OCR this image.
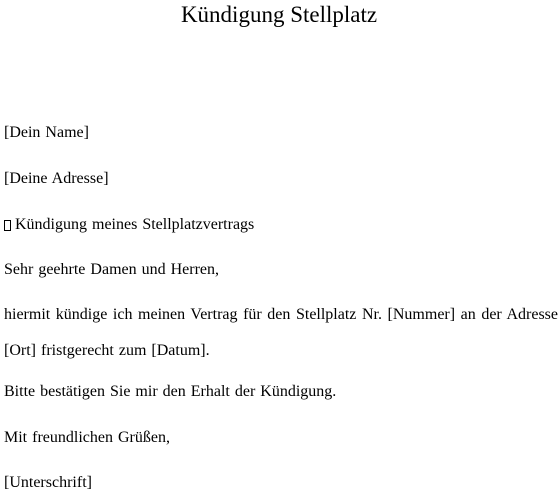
Kündigung Stellplatz
[Dein Name]
[Deine Adresse]
Kündigung meines Stellplatzvertrags
Sehr geehrte Damen und Herren,
hiermit kündige ich meinen Vertrag für den Stellplatz Nr. [Nummer] an der Adresse [Ort] fristgerecht zum [Datum].
Bitte bestätigen Sie mir den Erhalt der Kündigung.
Mit freundlichen Grüßen,
[Unterschrift]
